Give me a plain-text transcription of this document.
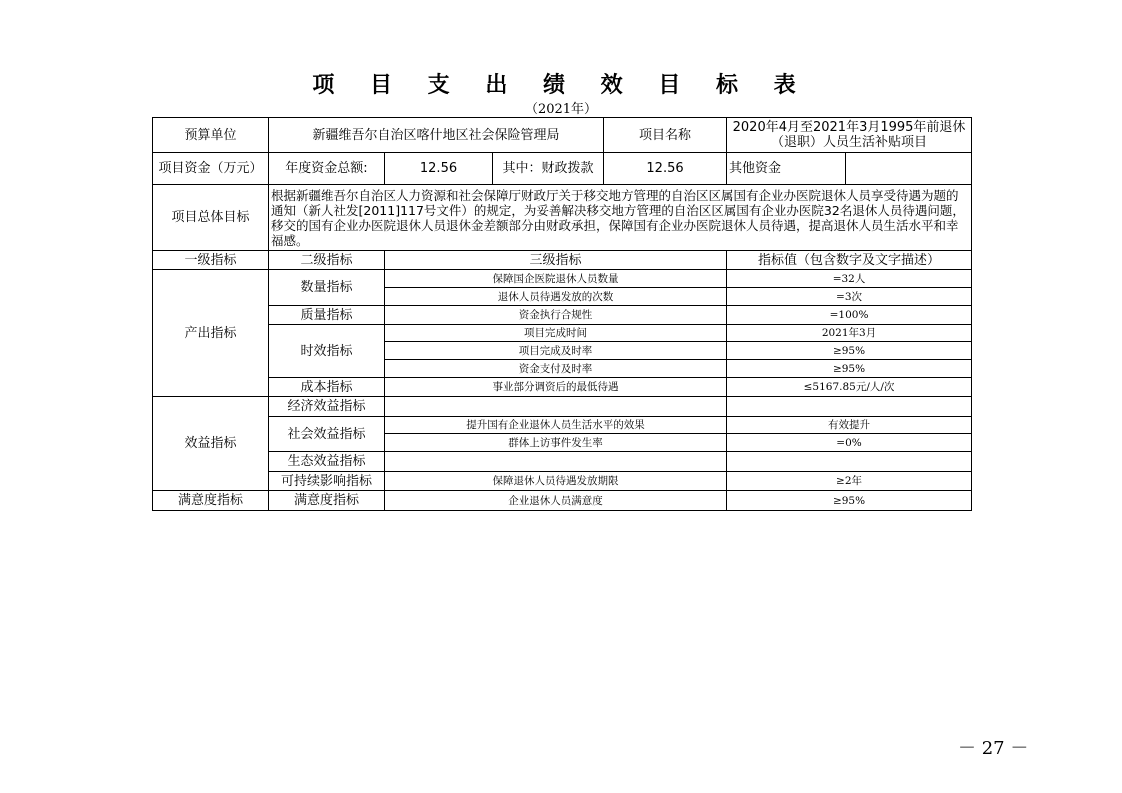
项 目 支 出 绩 效 目 标 表
（2021年）
预算单位	新疆维吾尔自治区喀什地区社会保险管理局			项目名称	2020年4月至2021年3月1995年前退休（退职）人员生活补贴项目	
项目资金（万元）	年度资金总额:	12.56	其中：财政拨款	12.56	其他资金	
项目总体目标	根据新疆维吾尔自治区人力资源和社会保障厅财政厅关于移交地方管理的自治区区属国有企业办医院退休人员享受待遇为题的通知（新人社发[2011]117号文件）的规定，为妥善解决移交地方管理的自治区区属国有企业办医院32名退休人员待遇问题，移交的国有企业办医院退休人员退休金差额部分由财政承担，保障国有企业办医院退休人员待遇，提高退休人员生活水平和幸福感。					
一级指标	二级指标	三级指标			指标值（包含数字及文字描述）	
产出指标	数量指标	保障国企医院退休人员数量			=32人	
		退休人员待遇发放的次数			=3次	
	质量指标	资金执行合规性			=100%	
	时效指标	项目完成时间			2021年3月	
		项目完成及时率			≥95%	
		资金支付及时率			≥95%	
	成本指标	事业部分调资后的最低待遇			≤5167.85元/人/次	
效益指标	经济效益指标					
	社会效益指标	提升国有企业退休人员生活水平的效果			有效提升	
		群体上访事件发生率			=0%	
	生态效益指标					
	可持续影响指标	保障退休人员待遇发放期限			≥2年	
满意度指标	满意度指标	企业退休人员满意度			≥95%	
－ 27 －
